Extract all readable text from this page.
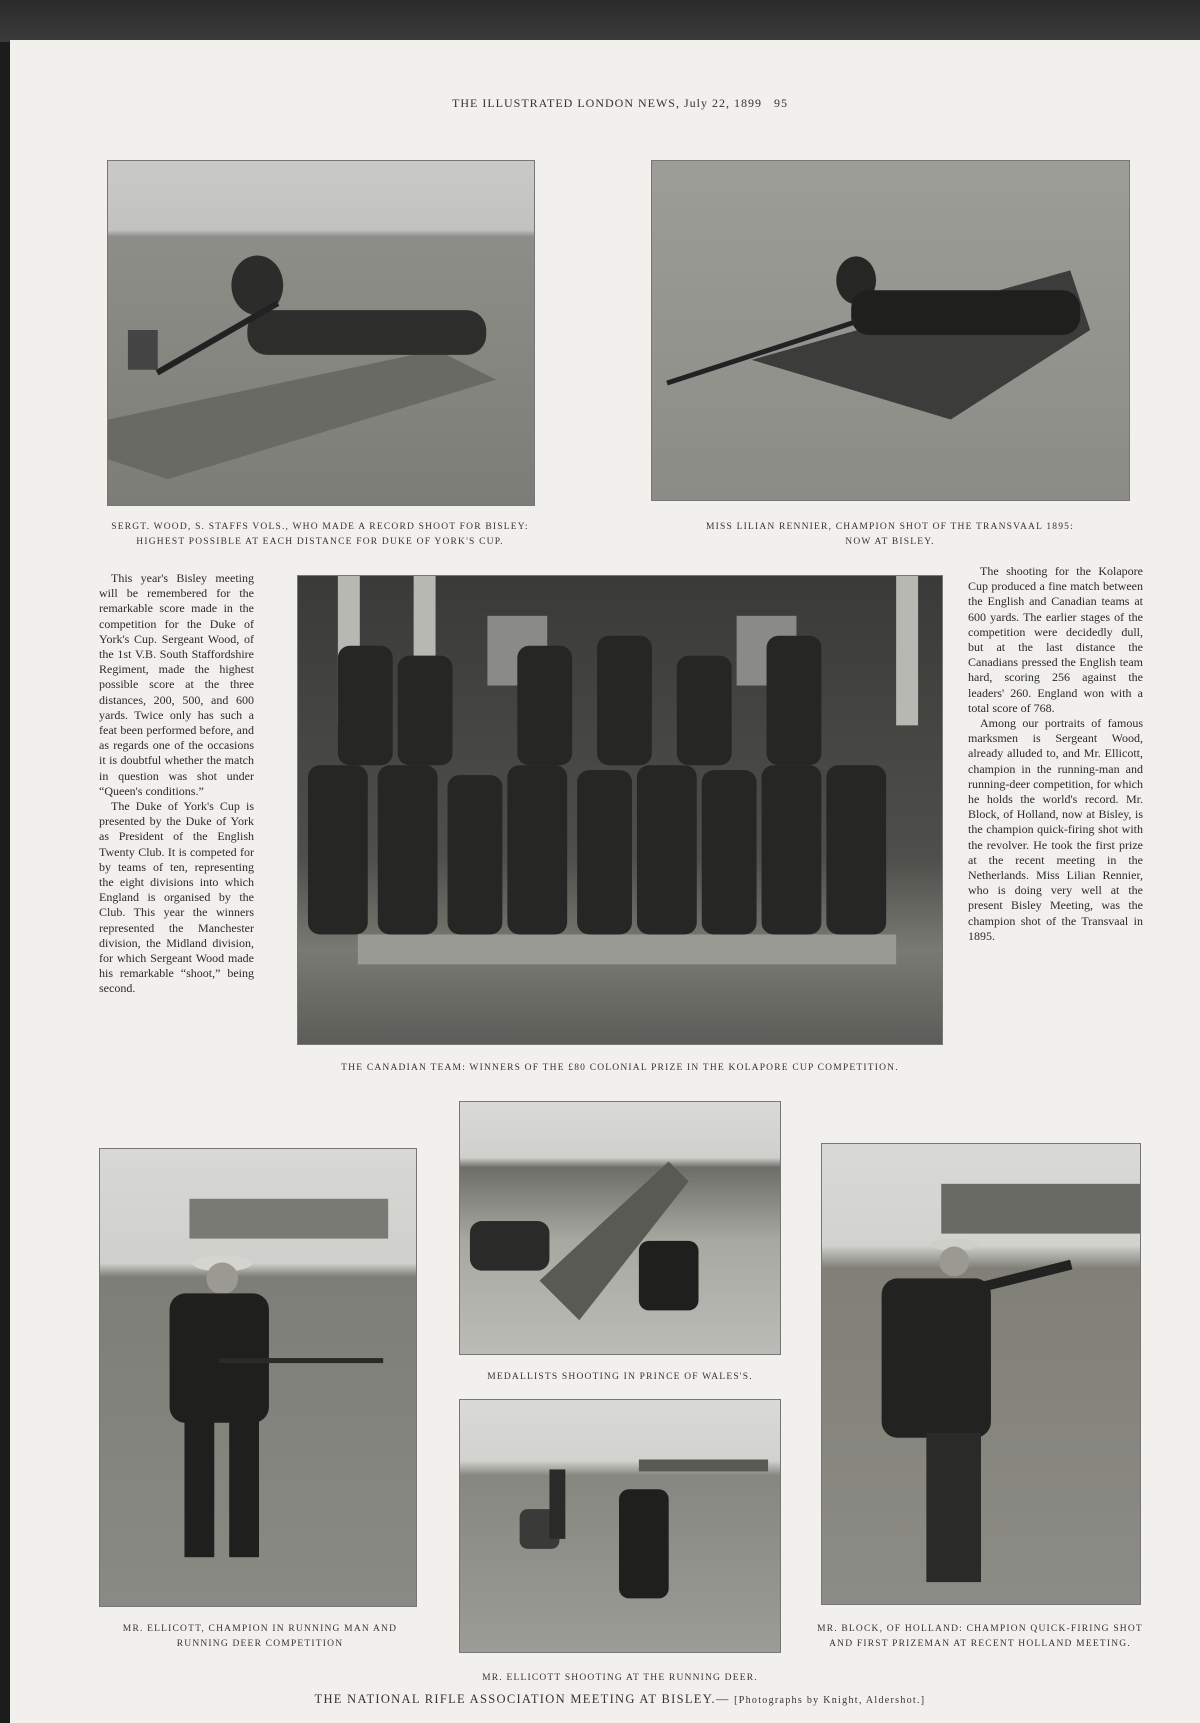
THE ILLUSTRATED LONDON NEWS, July 22, 1899 95
SERGT. WOOD, S. STAFFS VOLS., WHO MADE A RECORD SHOOT FOR BISLEY:
HIGHEST POSSIBLE AT EACH DISTANCE FOR DUKE OF YORK'S CUP.
MISS LILIAN RENNIER, CHAMPION SHOT OF THE TRANSVAAL 1895:
NOW AT BISLEY.

This year's Bisley meeting will be remembered for the remarkable score made in the competition for the Duke of York's Cup. Sergeant Wood, of the 1st V.B. South Staffordshire Regiment, made the highest possible score at the three distances, 200, 500, and 600 yards. Twice only has such a feat been performed before, and as regards one of the occasions it is doubtful whether the match in question was shot under “Queen's conditions.”

The Duke of York's Cup is presented by the Duke of York as President of the English Twenty Club. It is competed for by teams of ten, representing the eight divisions into which England is organised by the Club. This year the winners represented the Manchester division, the Midland division, for which Sergeant Wood made his remarkable “shoot,” being second.

THE CANADIAN TEAM: WINNERS OF THE £80 COLONIAL PRIZE IN THE KOLAPORE CUP COMPETITION.

The shooting for the Kolapore Cup produced a fine match between the English and Canadian teams at 600 yards. The earlier stages of the competition were decidedly dull, but at the last distance the Canadians pressed the English team hard, scoring 256 against the leaders' 260. England won with a total score of 768.

Among our portraits of famous marksmen is Sergeant Wood, already alluded to, and Mr. Ellicott, champion in the running-man and running-deer competition, for which he holds the world's record. Mr. Block, of Holland, now at Bisley, is the champion quick-firing shot with the revolver. He took the first prize at the recent meeting in the Netherlands. Miss Lilian Rennier, who is doing very well at the present Bisley Meeting, was the champion shot of the Transvaal in 1895.

MR. ELLICOTT, CHAMPION IN RUNNING MAN AND
RUNNING DEER COMPETITION
MEDALLISTS SHOOTING IN PRINCE OF WALES'S.
MR. ELLICOTT SHOOTING AT THE RUNNING DEER.
MR. BLOCK, OF HOLLAND: CHAMPION QUICK-FIRING SHOT
AND FIRST PRIZEMAN AT RECENT HOLLAND MEETING.
THE NATIONAL RIFLE ASSOCIATION MEETING AT BISLEY.— [Photographs by Knight, Aldershot.]
